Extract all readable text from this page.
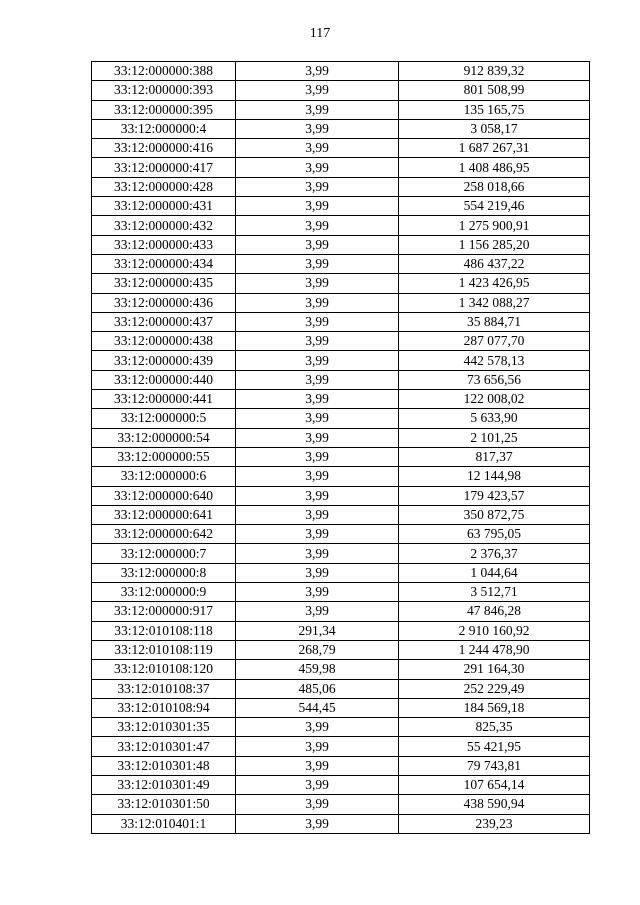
117
33:12:000000:388	3,99	912 839,32
33:12:000000:393	3,99	801 508,99
33:12:000000:395	3,99	135 165,75
33:12:000000:4	3,99	3 058,17
33:12:000000:416	3,99	1 687 267,31
33:12:000000:417	3,99	1 408 486,95
33:12:000000:428	3,99	258 018,66
33:12:000000:431	3,99	554 219,46
33:12:000000:432	3,99	1 275 900,91
33:12:000000:433	3,99	1 156 285,20
33:12:000000:434	3,99	486 437,22
33:12:000000:435	3,99	1 423 426,95
33:12:000000:436	3,99	1 342 088,27
33:12:000000:437	3,99	35 884,71
33:12:000000:438	3,99	287 077,70
33:12:000000:439	3,99	442 578,13
33:12:000000:440	3,99	73 656,56
33:12:000000:441	3,99	122 008,02
33:12:000000:5	3,99	5 633,90
33:12:000000:54	3,99	2 101,25
33:12:000000:55	3,99	817,37
33:12:000000:6	3,99	12 144,98
33:12:000000:640	3,99	179 423,57
33:12:000000:641	3,99	350 872,75
33:12:000000:642	3,99	63 795,05
33:12:000000:7	3,99	2 376,37
33:12:000000:8	3,99	1 044,64
33:12:000000:9	3,99	3 512,71
33:12:000000:917	3,99	47 846,28
33:12:010108:118	291,34	2 910 160,92
33:12:010108:119	268,79	1 244 478,90
33:12:010108:120	459,98	291 164,30
33:12:010108:37	485,06	252 229,49
33:12:010108:94	544,45	184 569,18
33:12:010301:35	3,99	825,35
33:12:010301:47	3,99	55 421,95
33:12:010301:48	3,99	79 743,81
33:12:010301:49	3,99	107 654,14
33:12:010301:50	3,99	438 590,94
33:12:010401:1	3,99	239,23
